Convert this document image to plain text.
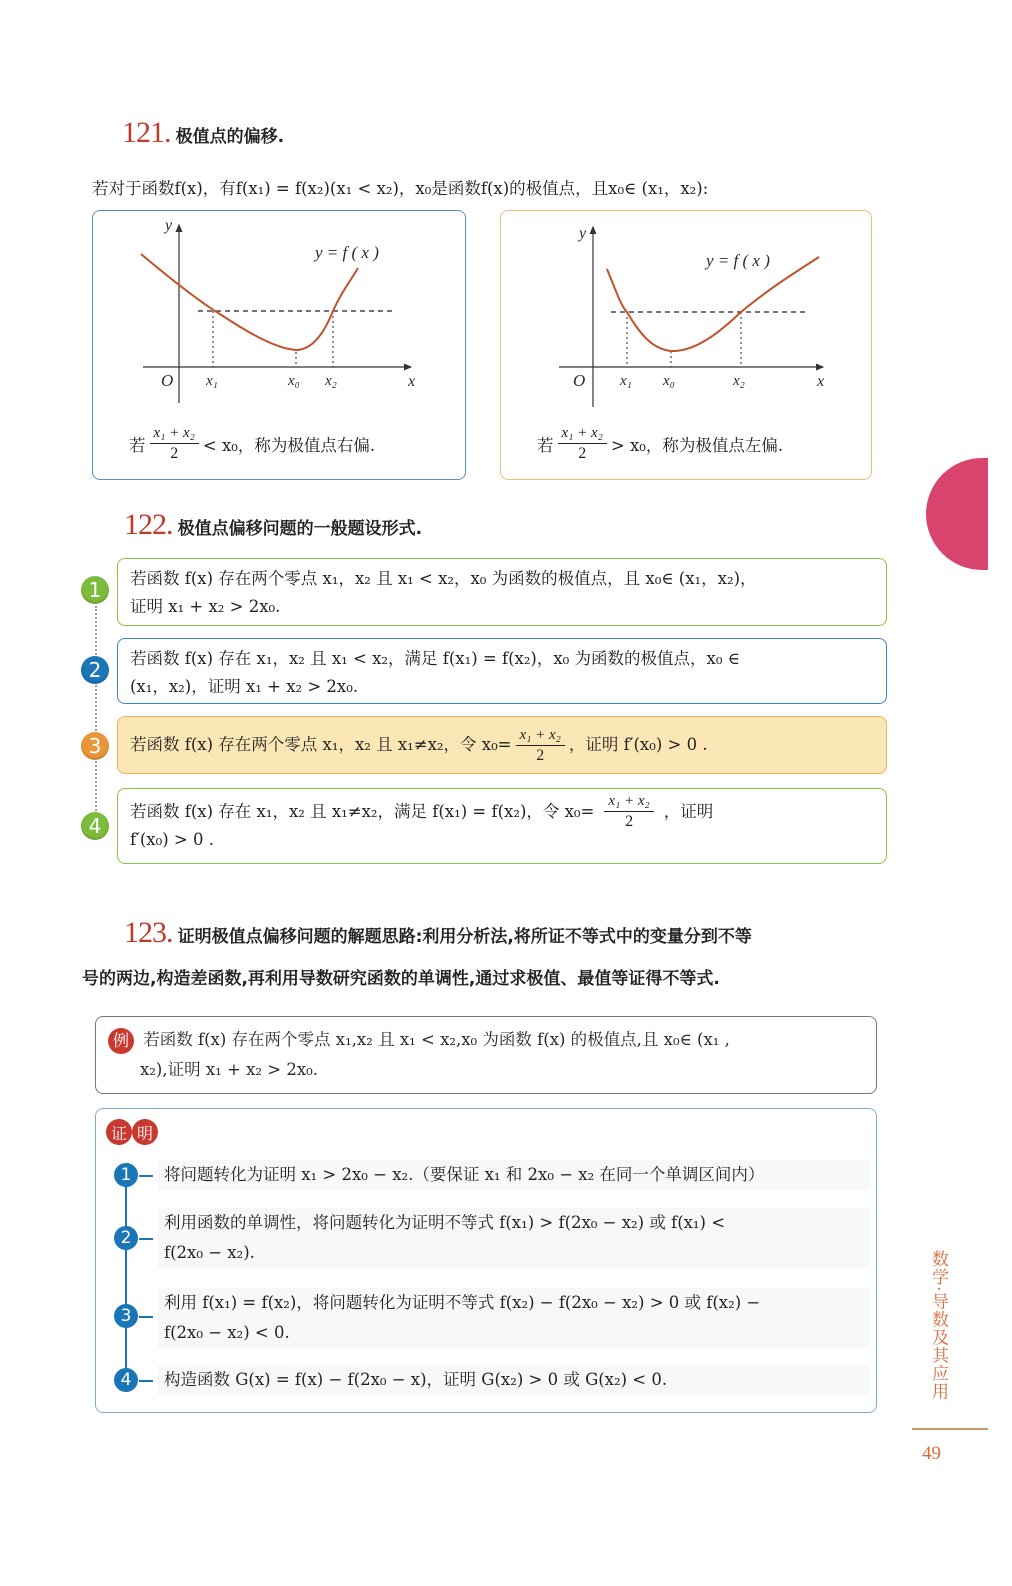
121. 极值点的偏移.
若对于函数f(x)，有f(x₁) = f(x₂)(x₁ < x₂)，x₀是函数f(x)的极值点，且x₀∈ (x₁，x₂):
y
y = f ( x )
O x₁	x₀ x₂	x
若 $\frac{\text{x₁ + x₂}}{2} < x_0$，称为极值点右偏.
y
y = f ( x )
O x₁ x₀	x₂	x
若 $\frac{\text{x₁ + x₂}}{2} > x_0$，称为极值点左偏.
122. 极值点偏移问题的一般题设形式.
1	若函数 f(x) 存在两个零点 x₁，x₂ 且 x₁ < x₂，x₀ 为函数的极值点，且 x₀∈ (x₁，x₂)，
证明 x₁ + x₂ > 2x₀.
2	若函数 f(x) 存在 x₁，x₂ 且 x₁ < x₂，满足 f(x₁) = f(x₂)，x₀ 为函数的极值点，x₀ ∈
(x₁，x₂)，证明 x₁ + x₂ > 2x₀.
3	若函数 f(x) 存在两个零点 x₁，x₂ 且 x₁≠x₂，令 $x_0= \frac{\text{x₁ + x₂}}{2}$ ，证明 f′(x₀) > 0 .
4
若函数 f(x) 存在 x₁，x₂ 且 x₁≠x₂，满足 f(x₁) = f(x₂)，令 $x_0= \frac{\text{x₁ + x₂}}{2}$ ，证明
f′(x₀) > 0 .
123. 证明极值点偏移问题的解题思路:利用分析法,将所证不等式中的变量分到不等
号的两边,构造差函数,再利用导数研究函数的单调性,通过求极值、最值等证得不等式.
例 若函数 f(x) 存在两个零点 x₁,x₂ 且 x₁ < x₂,x₀ 为函数 f(x) 的极值点,且 x₀∈ (x₁ ,
x₂),证明 x₁ + x₂ > 2x₀.
证 明
1	将问题转化为证明 x₁ > 2x₀ − x₂.（要保证 x₁ 和 2x₀ − x₂ 在同一个单调区间内）
2
利用函数的单调性，将问题转化为证明不等式 f(x₁) > f(2x₀ − x₂) 或 f(x₁) <
f(2x₀ − x₂).
3
利用 f(x₁) = f(x₂)，将问题转化为证明不等式 f(x₂) − f(2x₀ − x₂) > 0 或 f(x₂) −
f(2x₀ − x₂) < 0.
4	构造函数 G(x) = f(x) − f(2x₀ − x)，证明 G(x₂) > 0 或 G(x₂) < 0.	数学·导数及其应用
49
